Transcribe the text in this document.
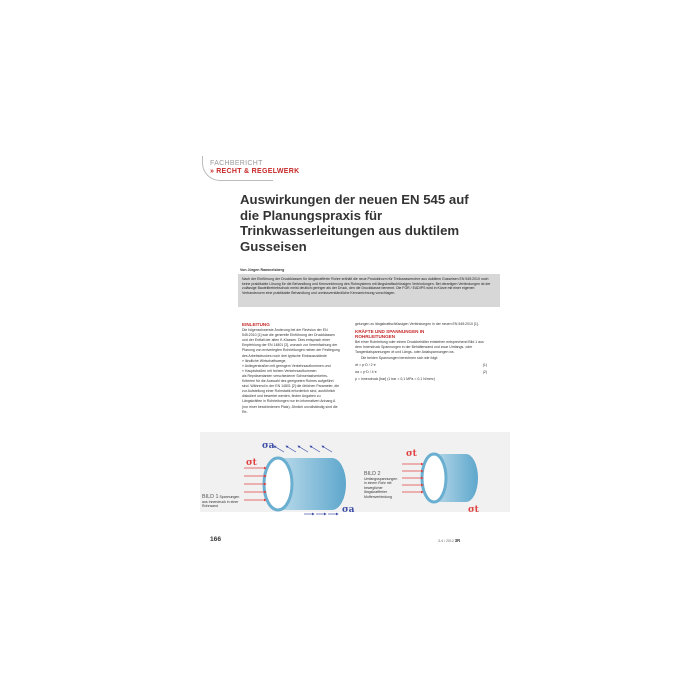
FACHBERICHT
» RECHT & REGELWERK
Auswirkungen der neuen EN 545 auf die Planungspraxis für Trinkwasserleitungen aus duktilem Gusseisen
Von Jürgen Rammelsberg

Nach der Einführung der Druckklassen für längskraftfreie Rohre enthält die neue Produktnorm für Trinkwasserrohre aus duktilem Gusseisen EN 545:2010 noch keine praktikable Lösung für die Behandlung und Kennzeichnung des Rohrsystems mit längskraftschlüssigen Verbindungen. Bei derartigen Verbindungen ist der zulässige Bauteilbetriebsdruck meist deutlich geringer als der Druck, den die Druckklasse benennt. Die FGR / EADIPS wird in Kürze mit einer eigenen Verbandsnorm eine praktikable Behandlung und unmissverständliche Kennzeichnung vorschlagen.

EINLEITUNG

Die folgenschwerste Änderung bei der Revision der EN 545:2010 [1] war die generelle Einführung der Druckklassen und der Entfall der alten K-Klassen. Dies entsprach einer Empfehlung der EN 14801 [2], wonach zur Vereinfachung der Planung von erdverlegten Rohrleitungen neben der Festlegung des Arbeitsdruckes noch drei typische Einbauzustände

» ländliche Wirtschaftswege,

» Anliegerstraßen mit geringem Verkehrsaufkommen und

» Hauptstraßen mit hohem Verkehrsaufkommen

als Repräsentanten verschiedener Schwerlastverkehrs-Kriterien für die Auswahl des geeigneten Rohres aufgeführt sind. Während in der EN 14801 [2] die üblichen Parameter, die zur Aufstellung einer Rohrstatik erforderlich sind, ausführlich diskutiert und bewertet werden, finden Angaben zu Längskräften in Rohrleitungen nur im informativen Anhang A (nur einer beschiedenen Platz). Ähnlich unvollständig sind die Re-

gelungen zu längskraftschlüssigen Verbindungen in der neuen EN 545:2010 [1].

KRÄFTE UND SPANNUNGEN IN
ROHRLEITUNGEN

Bei einer Rohrleitung oder einem Druckbehälter entstehen entsprechend Bild 1 aus dem Innendruck Spannungen in der Behälterwand und zwar Umfangs- oder Tangentialspannungen σt und Längs- oder Axialspannungen σa.

Die beiden Spannungen berechnen sich wie folgt:

σt = p·D / 2·e	(1)
σa = p·D / 4·e	(2)

p = Innendruck [bar] (1 bar = 0,1 MPa = 0,1 N/mm²)

σa
σt
σa
σt
σt
BILD 1 Spannungen aus Innendruck in einer Rohrwand
BILD 2 Umfangsspannungen in einem Rohr mit beweglicher längskraftfreier Muffenverbindung
166	3-4 / 2012 3R
